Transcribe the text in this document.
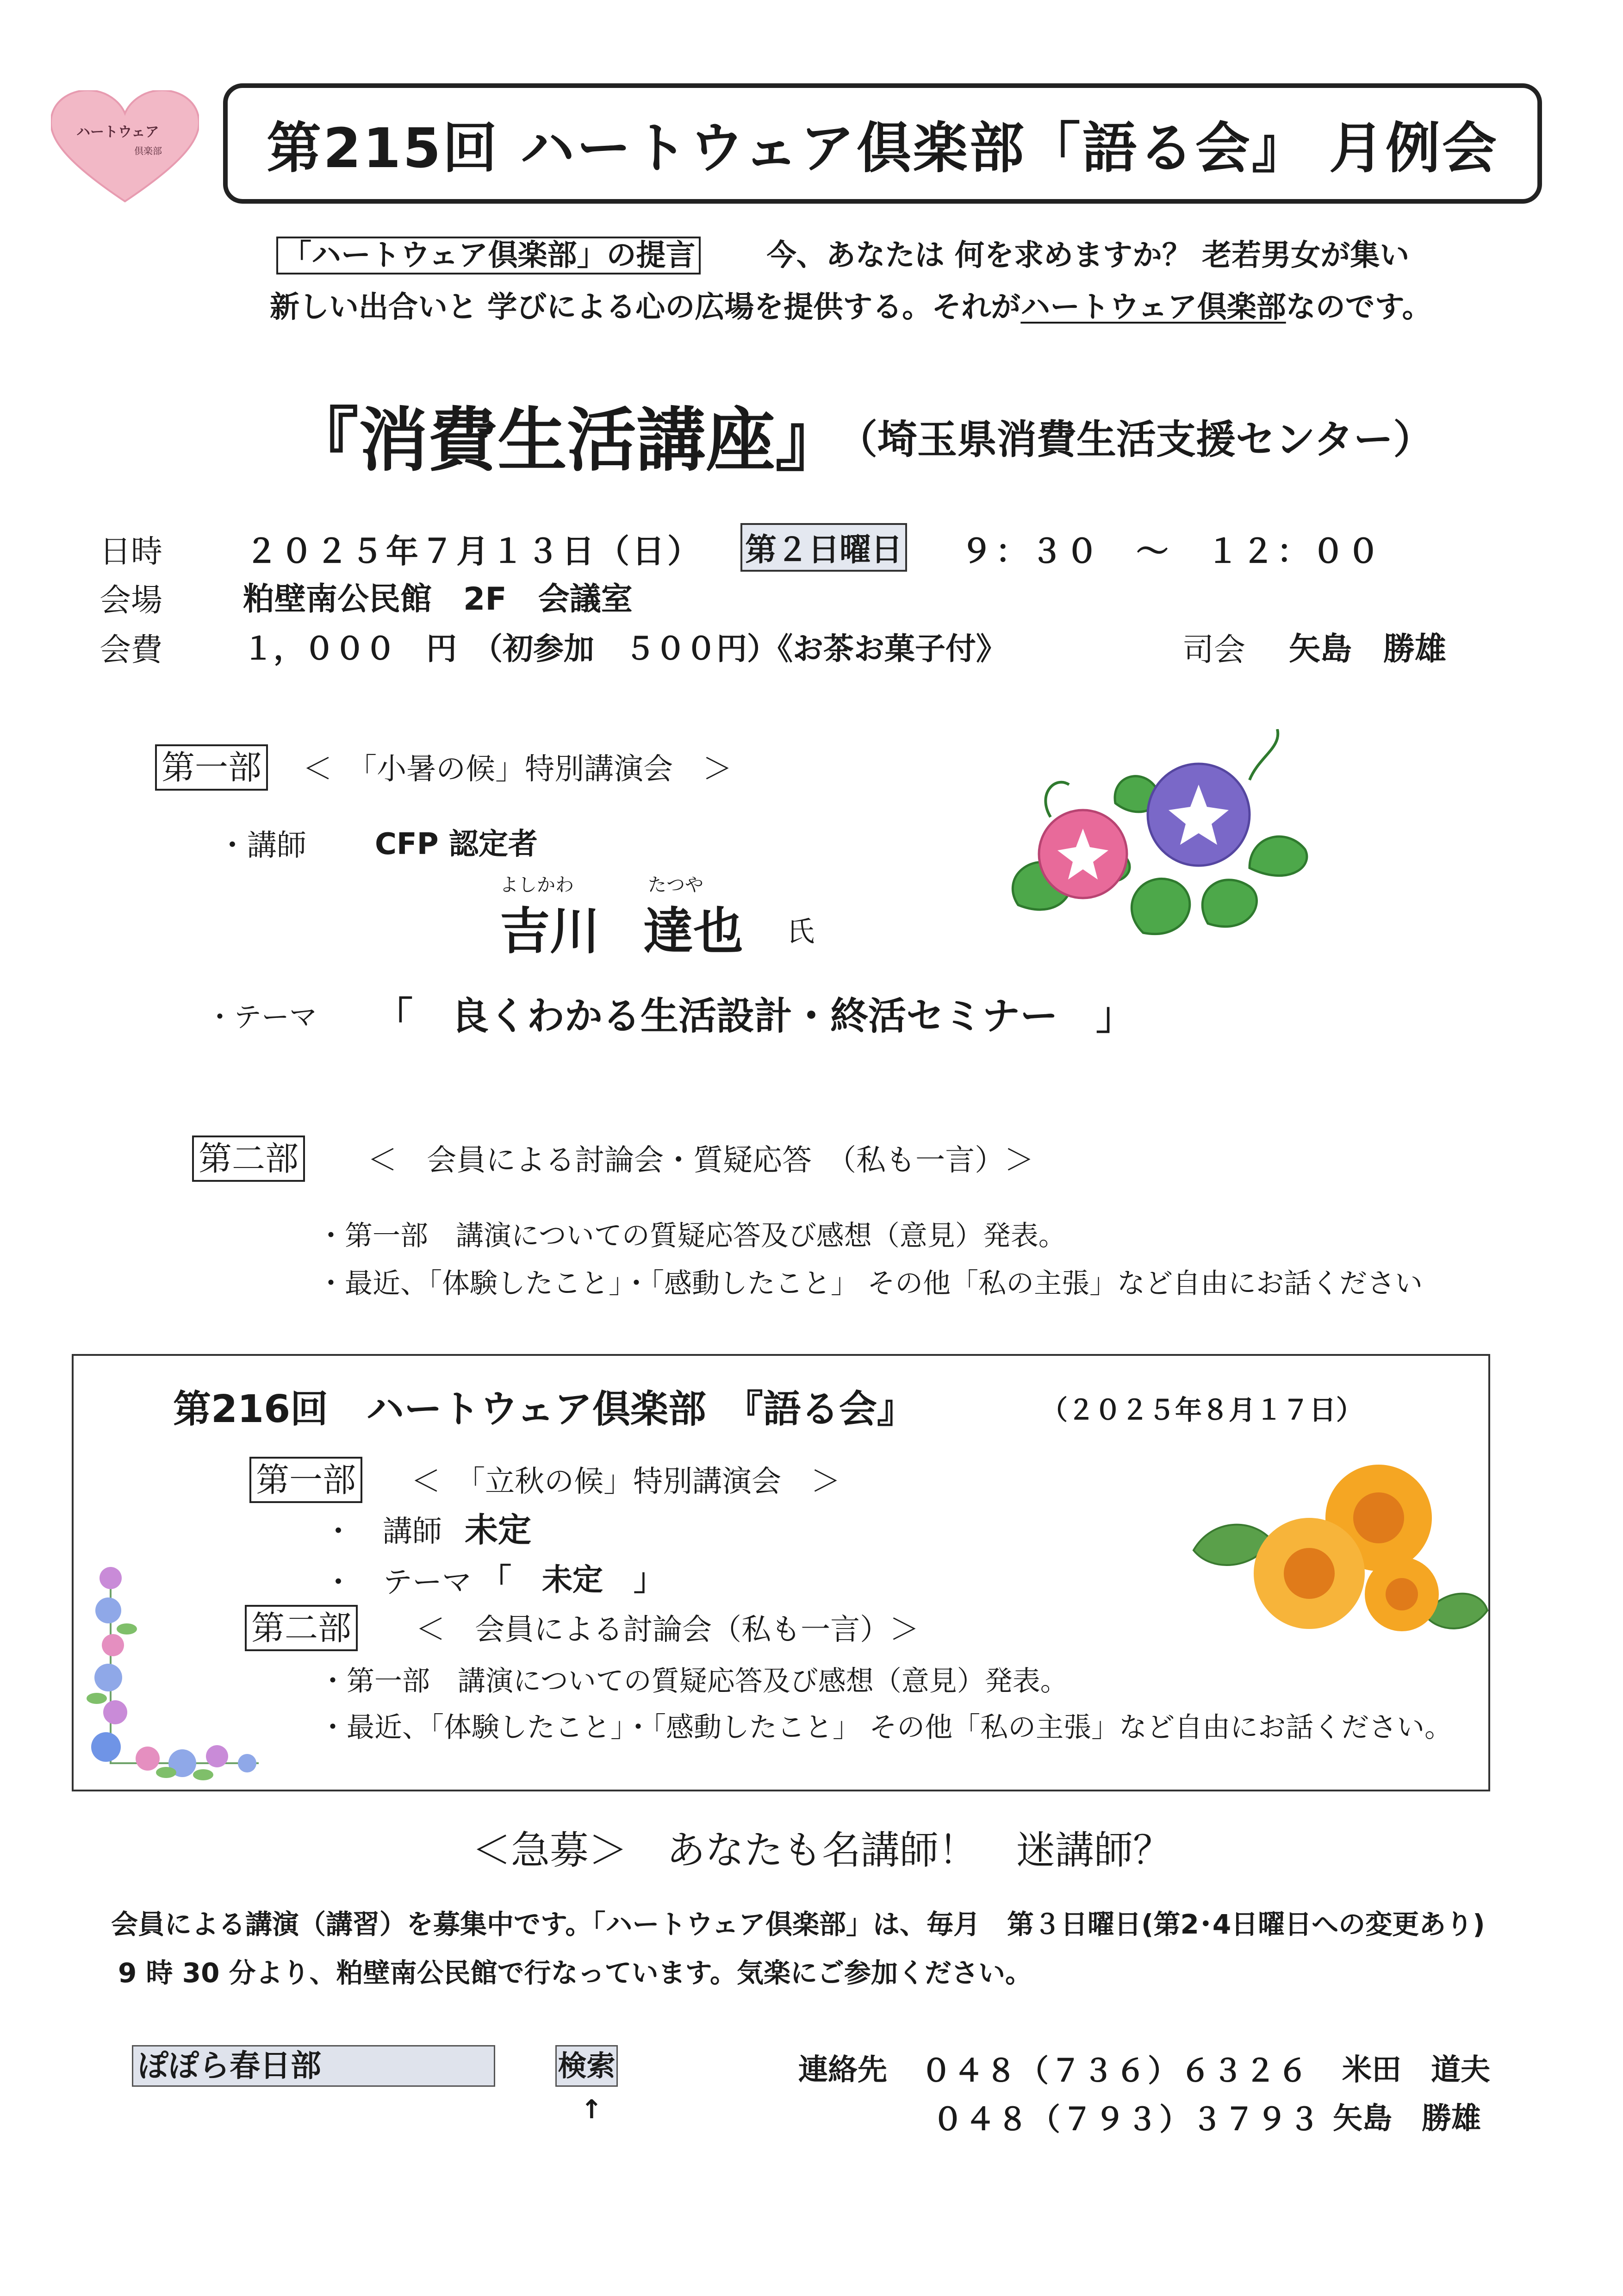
ハートウェア
倶楽部	第215回 ハートウェア倶楽部「語る会』 月例会
「ハートウェア倶楽部」の提言 今、あなたは 何を求めますか？ 老若男女が集い
新しい出合いと 学びによる心の広場を提供する。それがハートウェア倶楽部なのです。
『消費生活講座』
（埼玉県消費生活支援センター）
日時	２０２５年７月１３日（日） 第２日曜日 ９：３０　～　１２：００
会場	粕壁南公民館　2F　会議室
会費	１，０００　円　（初参加　５００円）《お茶お菓子付》	司会 矢島　勝雄
第一部 ＜　「小暑の候」特別講演会　＞
・講師 CFP 認定者
よしかわ	たつや
吉川 達也 氏
・テーマ 「　良くわかる生活設計・終活セミナー　」
第二部 ＜　会員による討論会・質疑応答　（私も一言）＞
・第一部　講演についての質疑応答及び感想（意見）発表。
・最近、「体験したこと」・「感動したこと」 その他「私の主張」など自由にお話ください
第216回　ハートウェア倶楽部　『語る会』	（２０２５年８月１７日）
第一部 ＜　「立秋の候」特別講演会　＞
・　講師 未定
・　テーマ 「　未定　」
第二部 ＜　会員による討論会（私も一言）＞
・第一部　講演についての質疑応答及び感想（意見）発表。
・最近、「体験したこと」・「感動したこと」 その他「私の主張」など自由にお話ください。
＜急募＞　あなたも名講師！　迷講師？
会員による講演（講習）を募集中です。「ハートウェア倶楽部」は、毎月　第３日曜日(第2･4日曜日への変更あり)
9 時 30 分より、粕壁南公民館で行なっています。気楽にご参加ください。
ぽぽら春日部	検索
↑
連絡先 ０４８（７３６）６３２６ 米田　道夫
０４８（７９３）３７９３ 矢島　勝雄
